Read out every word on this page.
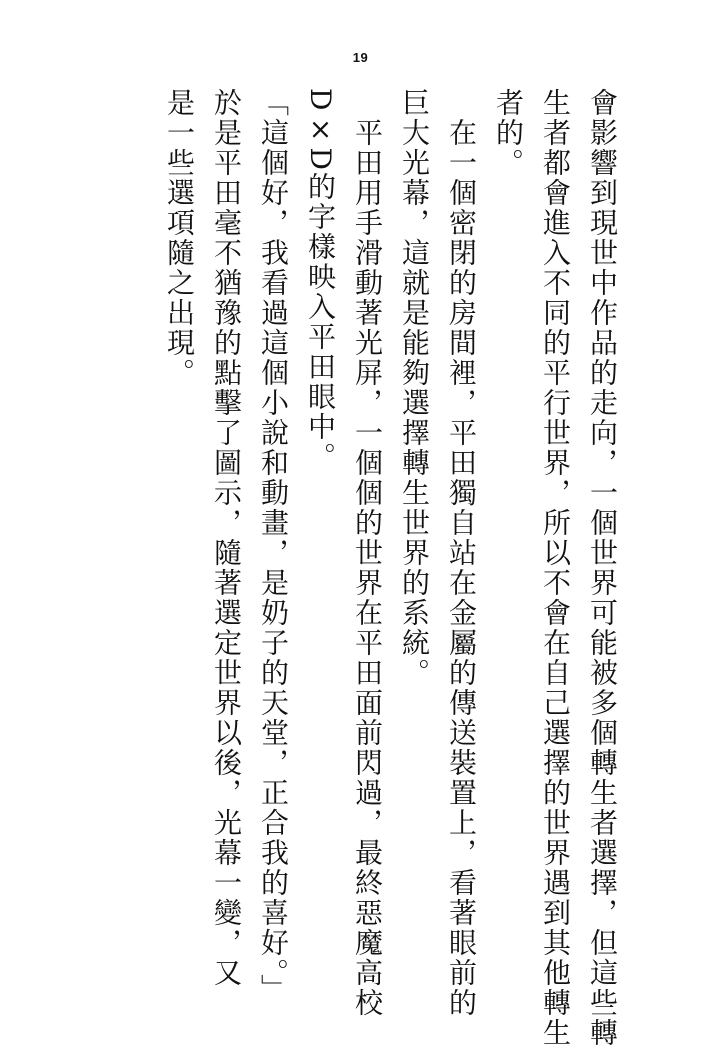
19
會影響到現世中作品的走向，一個世界可能被多個轉生者選擇，但這些轉
生者都會進入不同的平行世界，所以不會在自己選擇的世界遇到其他轉生
者的。
　在一個密閉的房間裡，平田獨自站在金屬的傳送裝置上，看著眼前的
巨大光幕，這就是能夠選擇轉生世界的系統。
　平田用手滑動著光屏，一個個的世界在平田面前閃過，最終惡魔高校
D×D的字樣映入平田眼中。
「這個好，我看過這個小說和動畫，是奶子的天堂，正合我的喜好。」
於是平田毫不猶豫的點擊了圖示，隨著選定世界以後，光幕一變，又
是一些選項隨之出現。
